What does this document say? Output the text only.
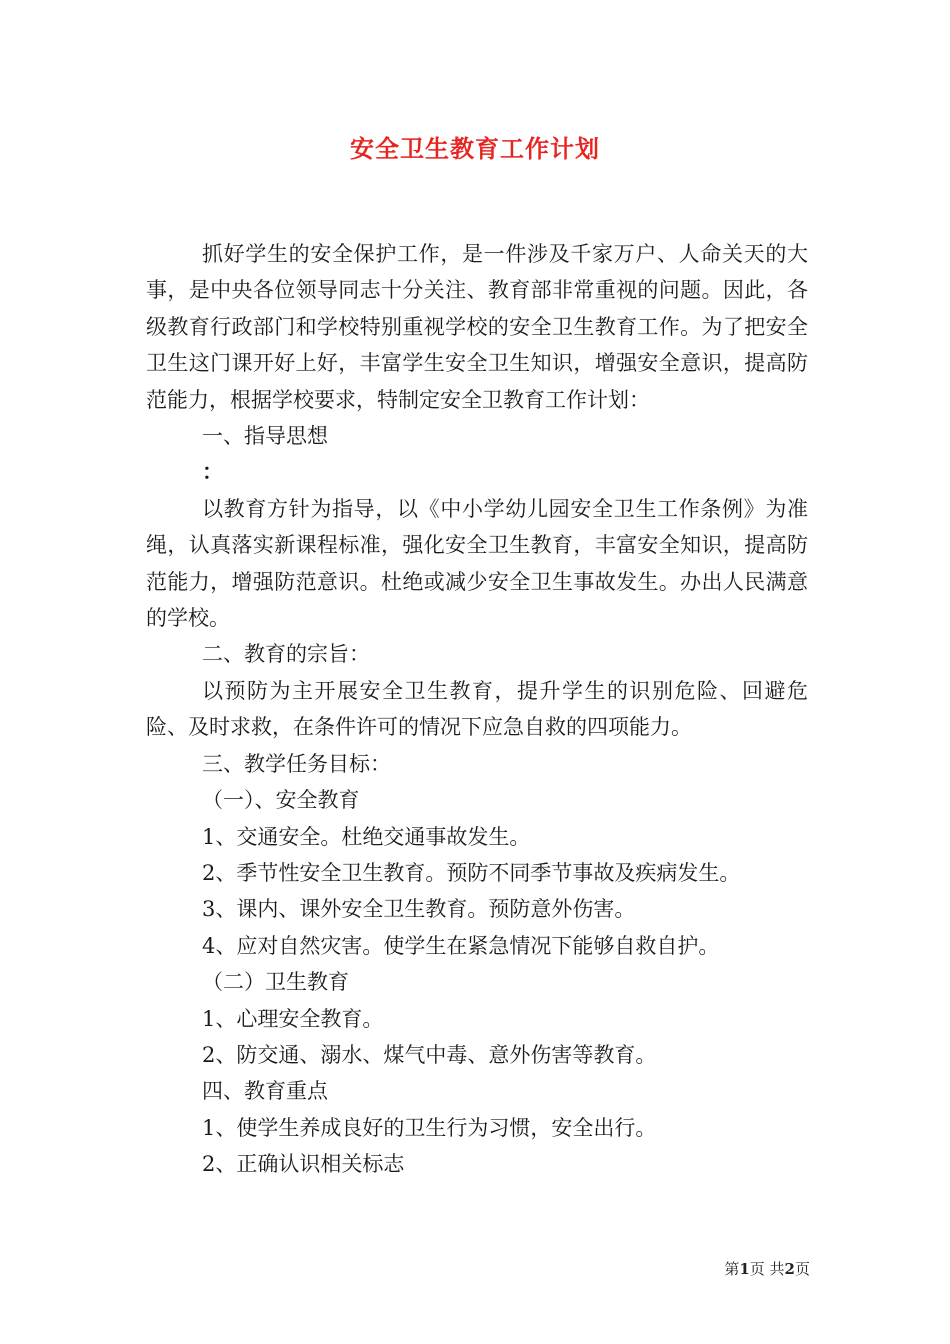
安全卫生教育工作计划

抓好学生的安全保护工作，是一件涉及千家万户、人命关天的大事，是中央各位领导同志十分关注、教育部非常重视的问题。因此，各级教育行政部门和学校特别重视学校的安全卫生教育工作。为了把安全卫生这门课开好上好，丰富学生安全卫生知识，增强安全意识，提高防范能力，根据学校要求，特制定安全卫教育工作计划：

一、指导思想

：

以教育方针为指导，以《中小学幼儿园安全卫生工作条例》为准绳，认真落实新课程标准，强化安全卫生教育，丰富安全知识，提高防范能力，增强防范意识。杜绝或减少安全卫生事故发生。办出人民满意的学校。

二、教育的宗旨：

以预防为主开展安全卫生教育，提升学生的识别危险、回避危险、及时求救，在条件许可的情况下应急自救的四项能力。

三、教学任务目标：

（一）、安全教育

1、交通安全。杜绝交通事故发生。

2、季节性安全卫生教育。预防不同季节事故及疾病发生。

3、课内、课外安全卫生教育。预防意外伤害。

4、应对自然灾害。使学生在紧急情况下能够自救自护。

（二）卫生教育

1、心理安全教育。

2、防交通、溺水、煤气中毒、意外伤害等教育。

四、教育重点

1、使学生养成良好的卫生行为习惯，安全出行。

2、正确认识相关标志

第1页 共2页
